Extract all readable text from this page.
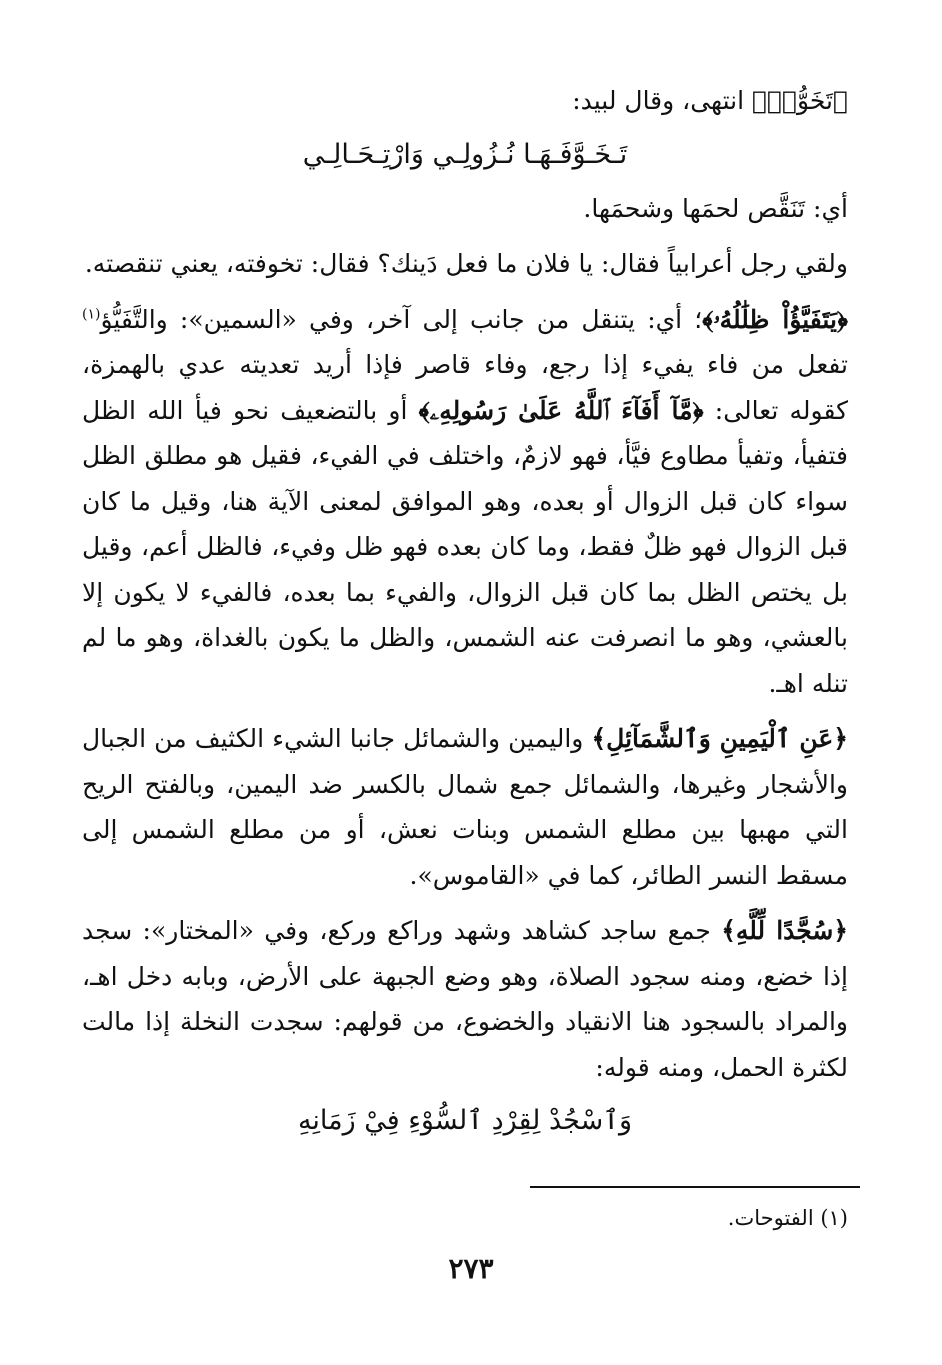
﴿تَخَوُّفٖ﴾ انتهى، وقال لبيد:

تَـخَـوَّفَـهَـا نُـزُولِـي وَارْتِـحَـالِـي

أي: تَنَقَّص لحمَها وشحمَها.

ولقي رجل أعرابياً فقال: يا فلان ما فعل دَينك؟ فقال: تخوفته، يعني تنقصته.

﴿يَتَفَيَّؤُاْ ظِلَٰلُهُۥ﴾؛ أي: يتنقل من جانب إلى آخر، وفي «السمين»: والتَّفَيُّؤ$^{(١)}$ تفعل من فاء يفيء إذا رجع، وفاء قاصر فإذا أريد تعديته عدي بالهمزة، كقوله تعالى: ﴿مَّآ أَفَآءَ ٱللَّهُ عَلَىٰ رَسُولِهِۦ﴾ أو بالتضعيف نحو فيأ الله الظل فتفيأ، وتفيأ مطاوع فيَّأ، فهو لازمٌ، واختلف في الفيء، فقيل هو مطلق الظل سواء كان قبل الزوال أو بعده، وهو الموافق لمعنى الآية هنا، وقيل ما كان قبل الزوال فهو ظلٌ فقط، وما كان بعده فهو ظل وفيء، فالظل أعم، وقيل بل يختص الظل بما كان قبل الزوال، والفيء بما بعده، فالفيء لا يكون إلا بالعشي، وهو ما انصرفت عنه الشمس، والظل ما يكون بالغداة، وهو ما لم تنله اهـ.

﴿عَنِ ٱلْيَمِينِ وَٱلشَّمَآئِلِ﴾ واليمين والشمائل جانبا الشيء الكثيف من الجبال والأشجار وغيرها، والشمائل جمع شمال بالكسر ضد اليمين، وبالفتح الريح التي مهبها بين مطلع الشمس وبنات نعش، أو من مطلع الشمس إلى مسقط النسر الطائر، كما في «القاموس».

﴿سُجَّدًا لِّلَّهِ﴾ جمع ساجد كشاهد وشهد وراكع وركع، وفي «المختار»: سجد إذا خضع، ومنه سجود الصلاة، وهو وضع الجبهة على الأرض، وبابه دخل اهـ، والمراد بالسجود هنا الانقياد والخضوع، من قولهم: سجدت النخلة إذا مالت لكثرة الحمل، ومنه قوله:

وَٱسْجُدْ لِقِرْدِ ٱلسُّوْءِ فِيْ زَمَانِهِ

(١) الفتوحات.
٢٧٣
